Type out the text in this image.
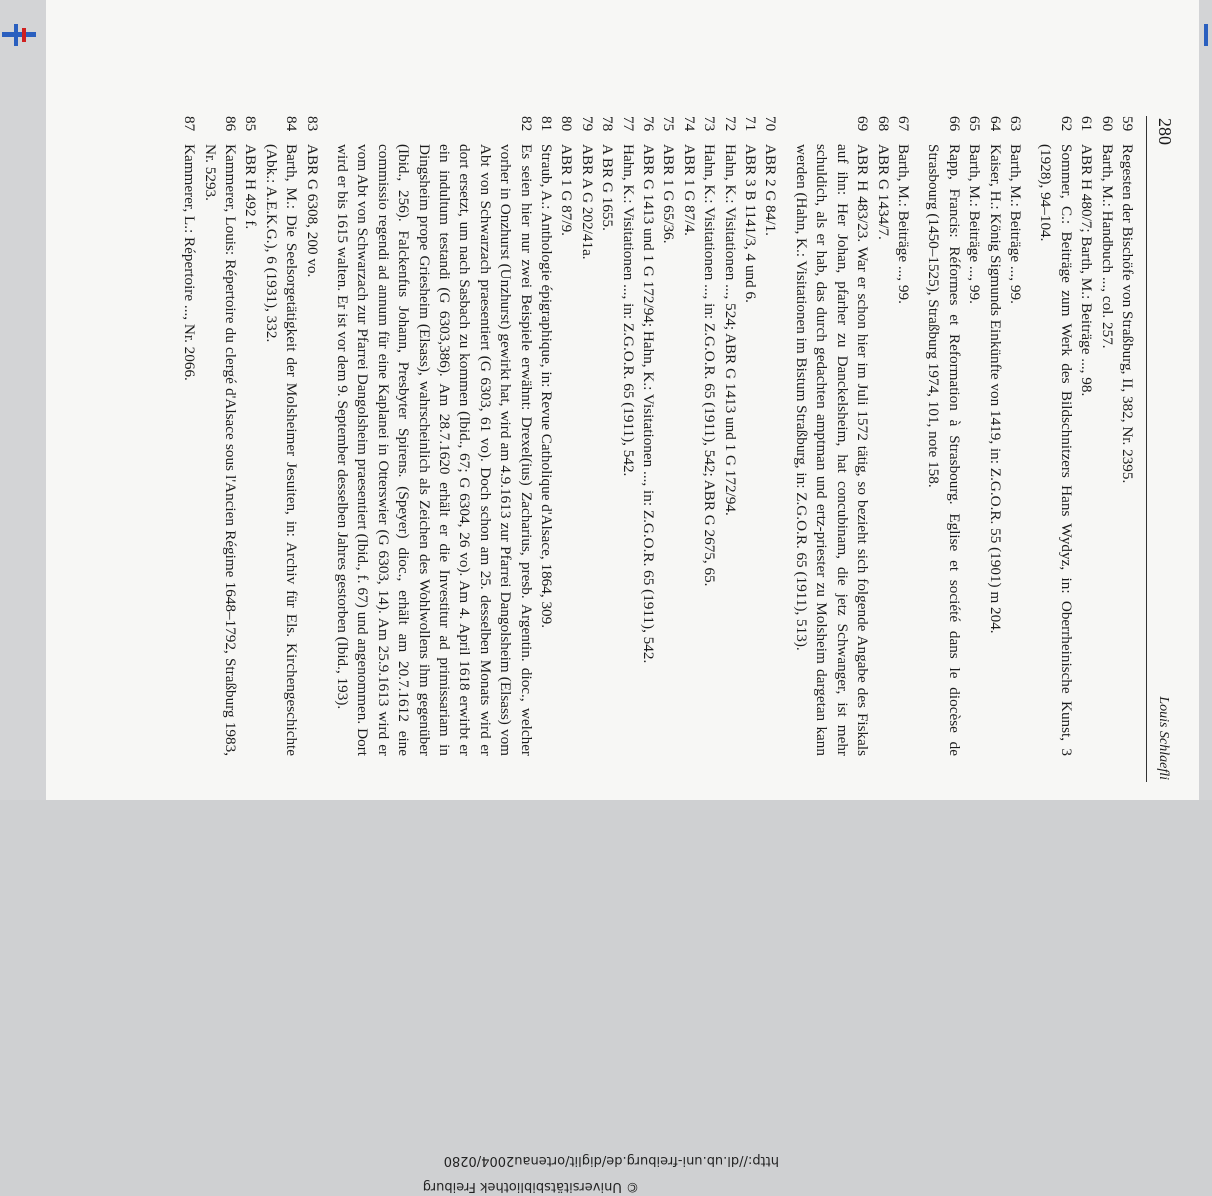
280
Louis Schlaefli
59
Regesten der Bischöfe von Straßburg, II, 382, Nr. 2395.
60
Barth, M.: Handbuch ..., col. 257.
61
ABR H 480/7; Barth, M.: Beiträge ..., 98.
62
Sommer, C.: Beiträge zum Werk des Bildschnitzers Hans Wydyz, in: Oberrheinische Kunst, 3 (1928), 94–104.
63
Barth, M.: Beiträge ..., 99.
64
Kaiser, H.: König Sigmunds Einkünfte von 1419, in: Z.G.O.R. 55 (1901) m 204.
65
Barth, M.: Beiträge ..., 99.
66
Rapp, Francis: Réformes et Reformation à Strasbourg. Eglise et société dans le diocèse de Strasbourg (1450–1525), Straßburg 1974, 101, note 158.
67
Barth, M.: Beiträge ..., 99.
68
ABR G 1434/7.
69
ABR H 483/23. War er schon hier im Juli 1572 tätig, so bezieht sich folgende Angabe des Fiskals auf ihn: Her Johan, pfarher zu Danckelsheim, hat concubinam, die jetz Schwanger, ist mehr schuldich, als er hab, das durch gedachten amptman und ertz-priester zu Molsheim dargetan kann werden (Hahn, K.: Visitationen im Bistum Straßburg, in: Z.G.O.R. 65 (1911), 513).
70
ABR 2 G 84/1.
71
ABR 3 B 1141/3, 4 und 6.
72
Hahn, K.: Visitationen ..., 524; ABR G 1413 und 1 G 172/94.
73
Hahn, K.: Visitationen ..., in: Z.G.O.R. 65 (1911), 542; ABR G 2675, 65.
74
ABR 1 G 87/4.
75
ABR 1 G 65/36.
76
ABR G 1413 und 1 G 172/94; Hahn, K.: Visitationen ..., in: Z.G.O.R. 65 (1911), 542.
77
Hahn, K.: Visitationen ..., in: Z.G.O.R. 65 (1911), 542.
78
A BR G 1655.
79
ABR A G 202/41a.
80
ABR 1 G 87/9.
81
Straub, A.: Anthologie épigraphique, in: Revue Catholique d'Alsace, 1864, 309.
82
Es seien hier nur zwei Beispiele erwähnt: Drexel(ius) Zacharius, presb. Argentin. dioc., welcher vorher in Onzhurst (Unzhurst) gewirkt hat, wird am 4.9.1613 zur Pfarrei Dangolsheim (Elsass) vom Abt von Schwarzach praesentiert (G 6303, 61 vo). Doch schon am 25. desselben Monats wird er dort ersetzt, um nach Sasbach zu kommen (Ibid., 67; G 6304, 26 vo). Am 4. April 1618 erwirbt er ein indultum testandi (G 6303,386). Am 28.7.1620 erhält er die Investitur ad primissariam in Dingsheim prope Griesheim (Elsass), wahrscheinlich als Zeichen des Wohlwollens ihm gegenüber (Ibid., 256). Falckenfus Johann, Presbyter Spirens. (Speyer) dioc., erhält am 20.7.1612 eine commissio regendi ad annum für eine Kaplanei in Otterswier (G 6303, 14). Am 25.9.1613 wird er vom Abt von Schwarzach zur Pfarrei Dangolsheim praesentiert (Ibid., f. 67) und angenommen. Dort wird er bis 1615 walten. Er ist vor dem 9. September desselben Jahres gestorben (Ibid., 193).
83
ABR G 6308, 200 vo.
84
Barth, M.: Die Seelsorgetätigkeit der Molsheimer Jesuiten, in: Archiv für Els. Kirchengeschichte (Abk.: A.E.K.G.), 6 (1931), 332.
85
ABR H 492 f.
86
Kammerer, Louis: Répertoire du clergé d'Alsace sous l'Ancien Régime 1648–1792, Straßburg 1983, Nr. 5293.
87
Kammerer, L.: Répertoire ..., Nr. 2066.
http://dl.ub.uni-freiburg.de/diglit/ortenau2004/0280
© Universitätsbibliothek Freiburg
